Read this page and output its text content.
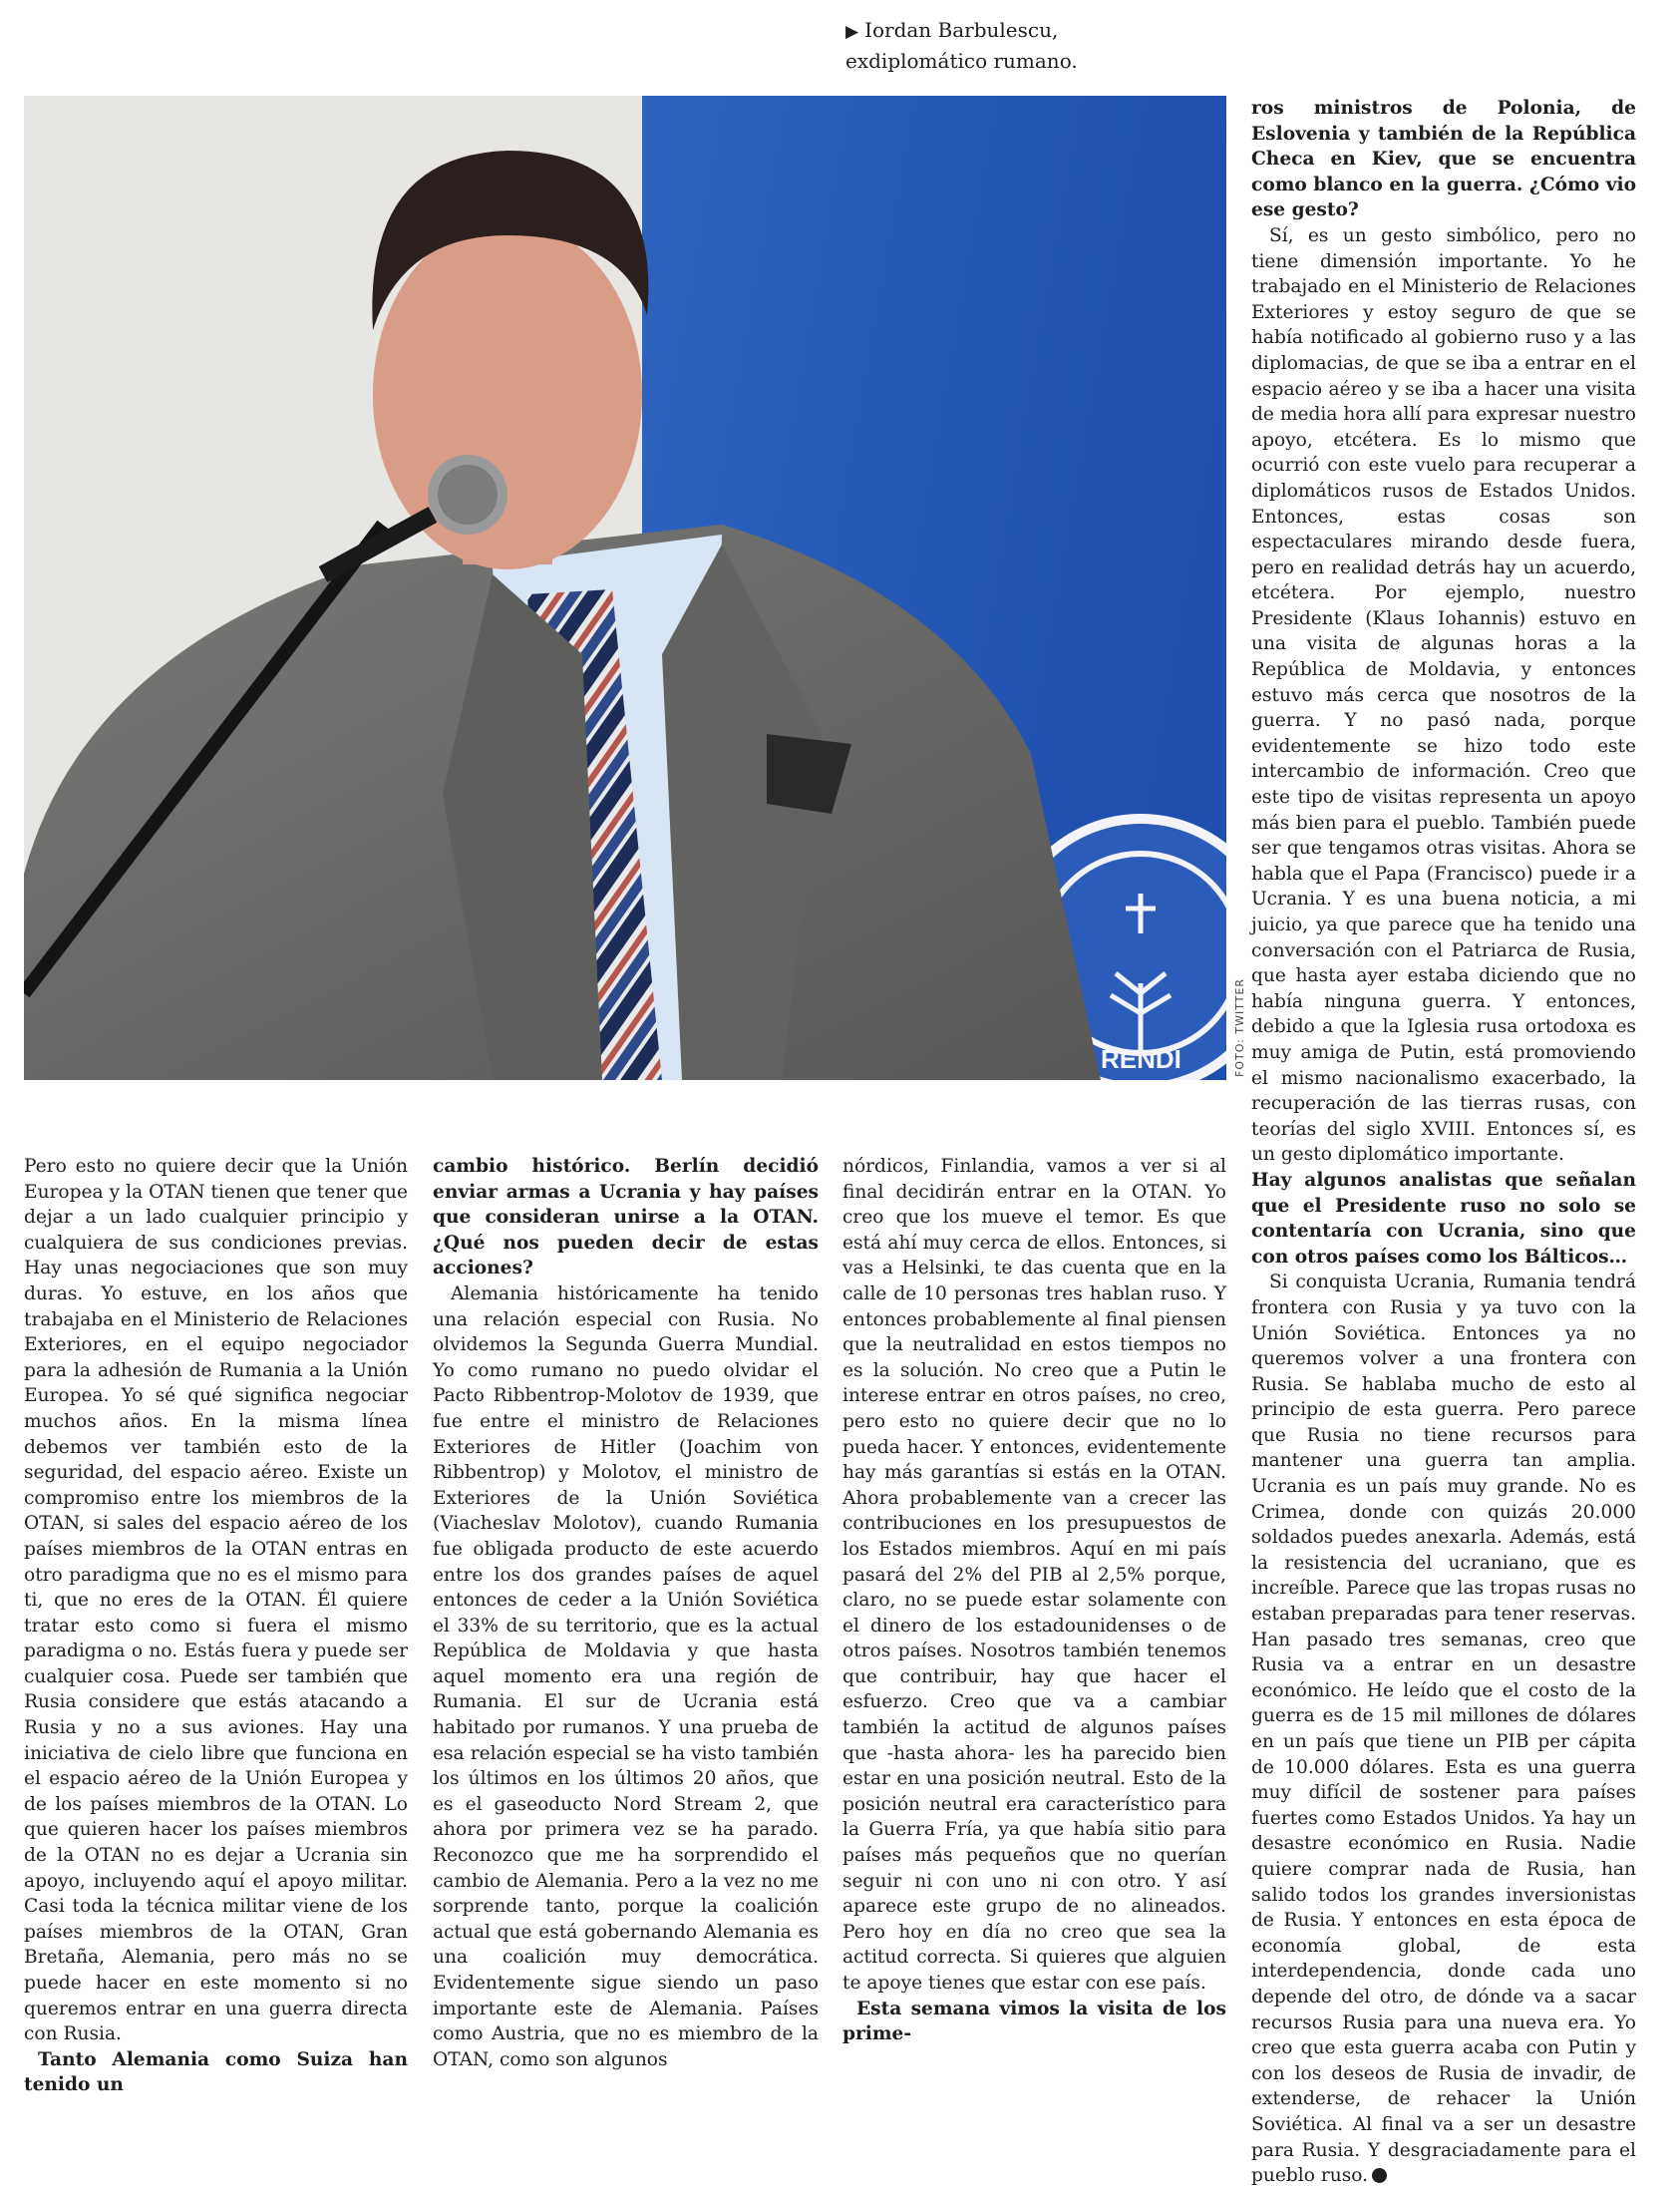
▶ Iordan Barbulescu, exdiplomático rumano.
RENDI	FOTO: TWITTER

Pero esto no quiere decir que la Unión Europea y la OTAN tienen que tener que dejar a un lado cualquier principio y cualquiera de sus condiciones previas. Hay unas negociaciones que son muy duras. Yo estuve, en los años que trabajaba en el Ministerio de Relaciones Exteriores, en el equipo negociador para la adhesión de Rumania a la Unión Europea. Yo sé qué significa negociar muchos años. En la misma línea debemos ver también esto de la seguridad, del espacio aéreo. Existe un compromiso entre los miembros de la OTAN, si sales del espacio aéreo de los países miembros de la OTAN entras en otro paradigma que no es el mismo para ti, que no eres de la OTAN. Él quiere tratar esto como si fuera el mismo paradigma o no. Estás fuera y puede ser cualquier cosa. Puede ser también que Rusia considere que estás atacando a Rusia y no a sus aviones. Hay una iniciativa de cielo libre que funciona en el espacio aéreo de la Unión Europea y de los países miembros de la OTAN. Lo que quieren hacer los países miembros de la OTAN no es dejar a Ucrania sin apoyo, incluyendo aquí el apoyo militar. Casi toda la técnica militar viene de los países miembros de la OTAN, Gran Bretaña, Alemania, pero más no se puede hacer en este momento si no queremos entrar en una guerra directa con Rusia.

Tanto Alemania como Suiza han tenido un

cambio histórico. Berlín decidió enviar armas a Ucrania y hay países que consideran unirse a la OTAN. ¿Qué nos pueden decir de estas acciones?

Alemania históricamente ha tenido una relación especial con Rusia. No olvidemos la Segunda Guerra Mundial. Yo como rumano no puedo olvidar el Pacto Ribbentrop-Molotov de 1939, que fue entre el ministro de Relaciones Exteriores de Hitler (Joachim von Ribbentrop) y Molotov, el ministro de Exteriores de la Unión Soviética (Viacheslav Molotov), cuando Rumania fue obligada producto de este acuerdo entre los dos grandes países de aquel entonces de ceder a la Unión Soviética el 33% de su territorio, que es la actual República de Moldavia y que hasta aquel momento era una región de Rumania. El sur de Ucrania está habitado por rumanos. Y una prueba de esa relación especial se ha visto también los últimos en los últimos 20 años, que es el gaseoducto Nord Stream 2, que ahora por primera vez se ha parado. Reconozco que me ha sorprendido el cambio de Alemania. Pero a la vez no me sorprende tanto, porque la coalición actual que está gobernando Alemania es una coalición muy democrática. Evidentemente sigue siendo un paso importante este de Alemania. Países como Austria, que no es miembro de la OTAN, como son algunos

nórdicos, Finlandia, vamos a ver si al final decidirán entrar en la OTAN. Yo creo que los mueve el temor. Es que está ahí muy cerca de ellos. Entonces, si vas a Helsinki, te das cuenta que en la calle de 10 personas tres hablan ruso. Y entonces probablemente al final piensen que la neutralidad en estos tiempos no es la solución. No creo que a Putin le interese entrar en otros países, no creo, pero esto no quiere decir que no lo pueda hacer. Y entonces, evidentemente hay más garantías si estás en la OTAN. Ahora probablemente van a crecer las contribuciones en los presupuestos de los Estados miembros. Aquí en mi país pasará del 2% del PIB al 2,5% porque, claro, no se puede estar solamente con el dinero de los estadounidenses o de otros países. Nosotros también tenemos que contribuir, hay que hacer el esfuerzo. Creo que va a cambiar también la actitud de algunos países que -hasta ahora- les ha parecido bien estar en una posición neutral. Esto de la posición neutral era característico para la Guerra Fría, ya que había sitio para países más pequeños que no querían seguir ni con uno ni con otro. Y así aparece este grupo de no alineados. Pero hoy en día no creo que sea la actitud correcta. Si quieres que alguien te apoye tienes que estar con ese país.

Esta semana vimos la visita de los prime-

ros ministros de Polonia, de Eslovenia y también de la República Checa en Kiev, que se encuentra como blanco en la guerra. ¿Cómo vio ese gesto?

Sí, es un gesto simbólico, pero no tiene dimensión importante. Yo he trabajado en el Ministerio de Relaciones Exteriores y estoy seguro de que se había notificado al gobierno ruso y a las diplomacias, de que se iba a entrar en el espacio aéreo y se iba a hacer una visita de media hora allí para expresar nuestro apoyo, etcétera. Es lo mismo que ocurrió con este vuelo para recuperar a diplomáticos rusos de Estados Unidos. Entonces, estas cosas son espectaculares mirando desde fuera, pero en realidad detrás hay un acuerdo, etcétera. Por ejemplo, nuestro Presidente (Klaus Iohannis) estuvo en una visita de algunas horas a la República de Moldavia, y entonces estuvo más cerca que nosotros de la guerra. Y no pasó nada, porque evidentemente se hizo todo este intercambio de información. Creo que este tipo de visitas representa un apoyo más bien para el pueblo. También puede ser que tengamos otras visitas. Ahora se habla que el Papa (Francisco) puede ir a Ucrania. Y es una buena noticia, a mi juicio, ya que parece que ha tenido una conversación con el Patriarca de Rusia, que hasta ayer estaba diciendo que no había ninguna guerra. Y entonces, debido a que la Iglesia rusa ortodoxa es muy amiga de Putin, está promoviendo el mismo nacionalismo exacerbado, la recuperación de las tierras rusas, con teorías del siglo XVIII. Entonces sí, es un gesto diplomático importante.

Hay algunos analistas que señalan que el Presidente ruso no solo se contentaría con Ucrania, sino que con otros países como los Bálticos…

Si conquista Ucrania, Rumania tendrá frontera con Rusia y ya tuvo con la Unión Soviética. Entonces ya no queremos volver a una frontera con Rusia. Se hablaba mucho de esto al principio de esta guerra. Pero parece que Rusia no tiene recursos para mantener una guerra tan amplia. Ucrania es un país muy grande. No es Crimea, donde con quizás 20.000 soldados puedes anexarla. Además, está la resistencia del ucraniano, que es increíble. Parece que las tropas rusas no estaban preparadas para tener reservas. Han pasado tres semanas, creo que Rusia va a entrar en un desastre económico. He leído que el costo de la guerra es de 15 mil millones de dólares en un país que tiene un PIB per cápita de 10.000 dólares. Esta es una guerra muy difícil de sostener para países fuertes como Estados Unidos. Ya hay un desastre económico en Rusia. Nadie quiere comprar nada de Rusia, han salido todos los grandes inversionistas de Rusia. Y entonces en esta época de economía global, de esta interdependencia, donde cada uno depende del otro, de dónde va a sacar recursos Rusia para una nueva era. Yo creo que esta guerra acaba con Putin y con los deseos de Rusia de invadir, de extenderse, de rehacer la Unión Soviética. Al final va a ser un desastre para Rusia. Y desgraciadamente para el pueblo ruso.
